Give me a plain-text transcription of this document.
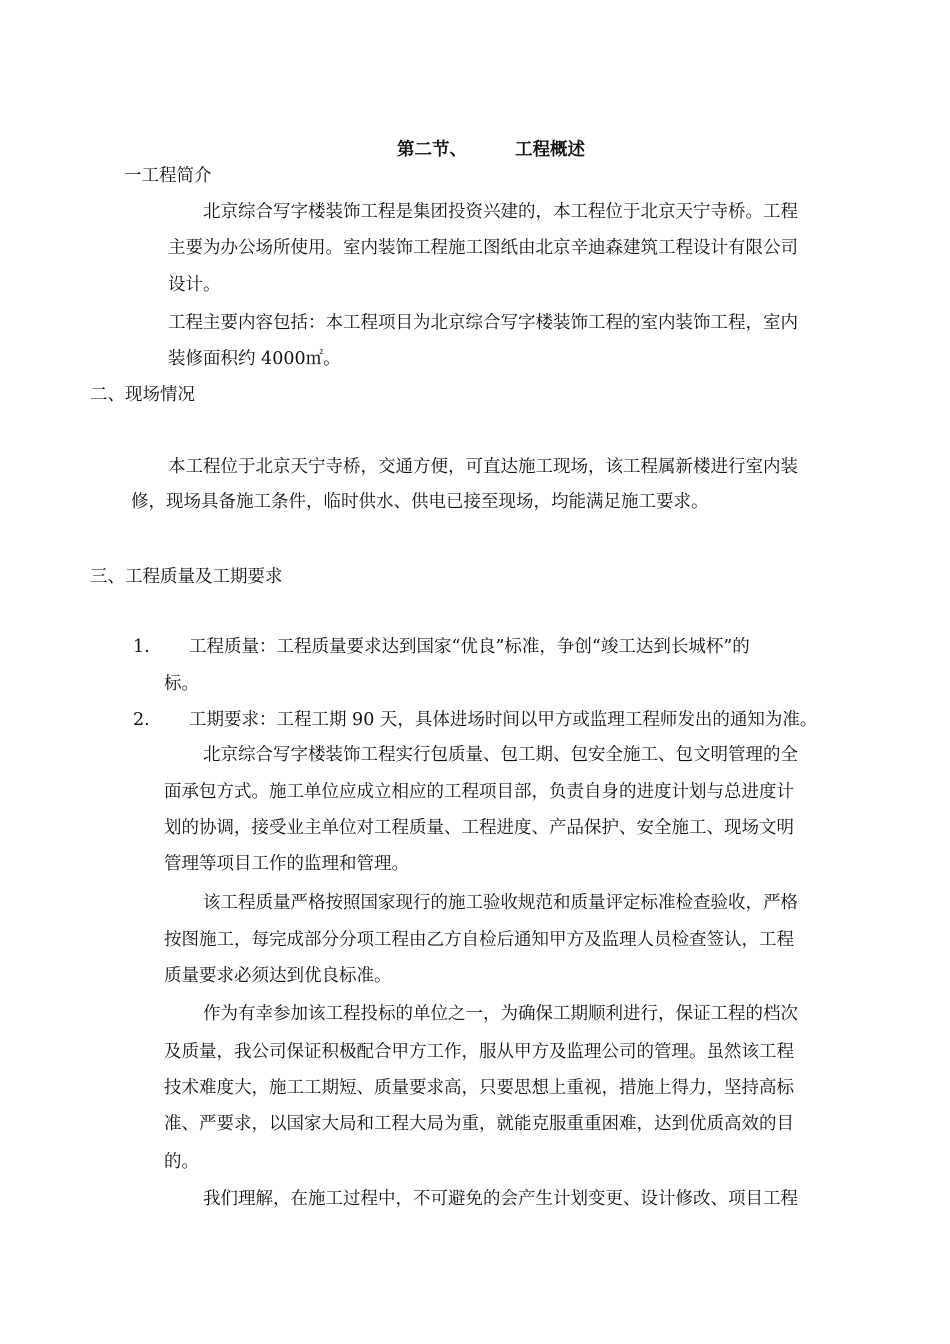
第二节、	工程概述
一工程简介
北京综合写字楼装饰工程是集团投资兴建的，本工程位于北京天宁寺桥。工程
主要为办公场所使用。室内装饰工程施工图纸由北京辛迪森建筑工程设计有限公司
设计。
工程主要内容包括：本工程项目为北京综合写字楼装饰工程的室内装饰工程，室内
装修面积约 4000㎡。
二、现场情况
本工程位于北京天宁寺桥，交通方便，可直达施工现场，该工程属新楼进行室内装
修，现场具备施工条件，临时供水、供电已接至现场，均能满足施工要求。
三、工程质量及工期要求
1. 工程质量：工程质量要求达到国家“优良”标准，争创“竣工达到长城杯”的
标。
2. 工期要求：工程工期 90 天，具体进场时间以甲方或监理工程师发出的通知为准。
北京综合写字楼装饰工程实行包质量、包工期、包安全施工、包文明管理的全
面承包方式。施工单位应成立相应的工程项目部，负责自身的进度计划与总进度计
划的协调，接受业主单位对工程质量、工程进度、产品保护、安全施工、现场文明
管理等项目工作的监理和管理。
该工程质量严格按照国家现行的施工验收规范和质量评定标准检查验收，严格
按图施工，每完成部分分项工程由乙方自检后通知甲方及监理人员检查签认，工程
质量要求必须达到优良标准。
作为有幸参加该工程投标的单位之一，为确保工期顺利进行，保证工程的档次
及质量，我公司保证积极配合甲方工作，服从甲方及监理公司的管理。虽然该工程
技术难度大，施工工期短、质量要求高，只要思想上重视，措施上得力，坚持高标
准、严要求，以国家大局和工程大局为重，就能克服重重困难，达到优质高效的目
的。
我们理解，在施工过程中，不可避免的会产生计划变更、设计修改、项目工程
